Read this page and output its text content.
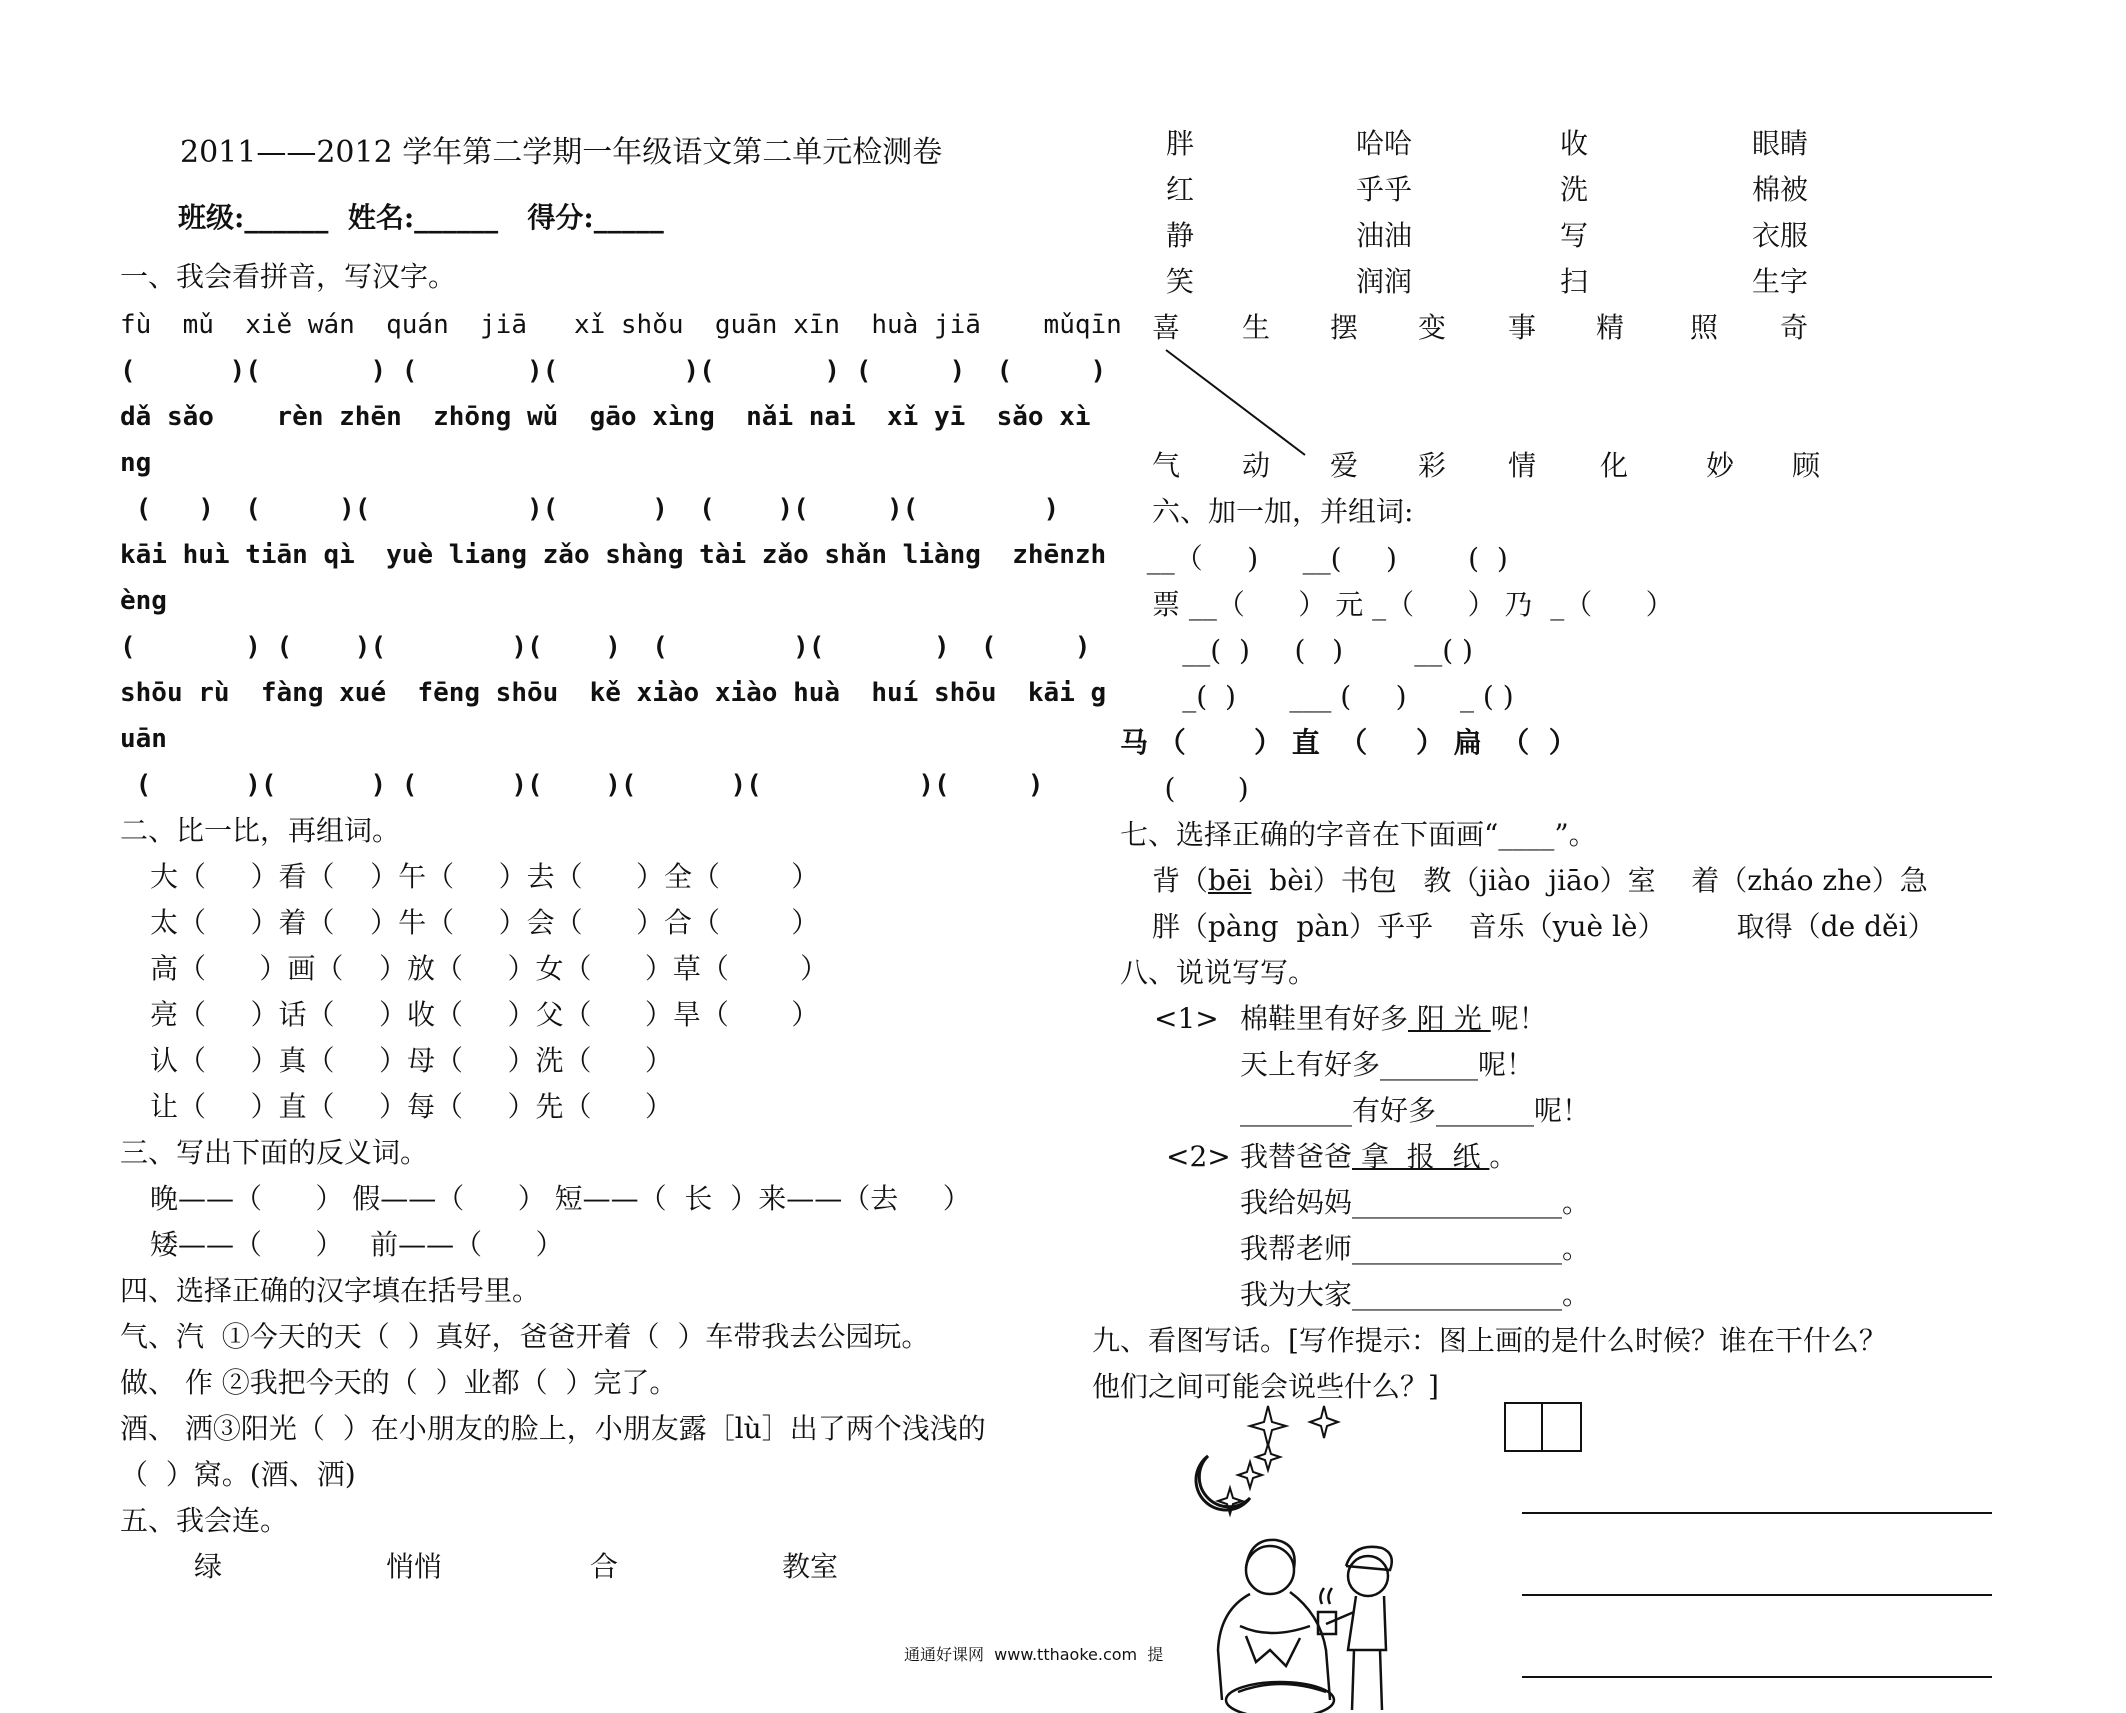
2011——2012 学年第二学期一年级语文第二单元检测卷
班级:______  姓名:______   得分:_____
一、我会看拼音，写汉字。
fù  mǔ  xiě wán  quán  jiā   xǐ shǒu  guān xīn  huà jiā    mǔqīn
(      )(       ) (       )(        )(       ) (     )  (     )
dǎ sǎo    rèn zhēn  zhōng wǔ  gāo xìng  nǎi nai  xǐ yī  sǎo xì
ng
(   )  (     )(          )(      )  (    )(     )(        )
kāi huì tiān qì  yuè liang zǎo shàng tài zǎo shǎn liàng  zhēnzh
èng
(       ) (    )(        )(    )  (        )(       )  (     )
shōu rù  fàng xué  fēng shōu  kě xiào xiào huà  huí shōu  kāi g
uān
(      )(      ) (      )(    )(      )(          )(     )
二、比一比，再组词。
大（     ）看（    ）午（     ）去（      ）全（        ）
太（     ）着（    ）牛（     ）会（      ）合（        ）
高（      ）画（    ）放（     ）女（      ）草（        ）
亮（     ）话（     ）收（     ）父（      ）旱（       ）
认（     ）真（     ）母（     ）洗（      ）
让（     ）直（     ）每（     ）先（      ）
三、写出下面的反义词。
晚——（      ） 假——（      ） 短——（  长  ）来——（去     ）
矮——（      ）   前——（      ）
四、选择正确的汉字填在括号里。
气、汽  ①今天的天（  ）真好，爸爸开着（  ）车带我去公园玩。
做、 作 ②我把今天的（  ）业都（  ）完了。
酒、 洒③阳光（  ）在小朋友的脸上，小朋友露［lù］出了两个浅浅的
（  ）窝。(酒、洒)
五、我会连。
绿	悄悄	合	教室
胖	哈哈	收	眼睛
红	乎乎	洗	棉被
静	油油	写	衣服
笑	润润	扫	生字
喜 生 摆 变 事 精 照 奇
气 动 爱 彩 情 化	妙 顾
六、加一加，并组词:
__（     )     __(     )        (  )
票 __（      ） 元 _（      ） 乃  _（      ）
__(  )     (   )        __( )
_(  )      ___ (     )      _ ( )
马 （       ） 直  （     ） 扁  （  ）
(       )
七、选择正确的字音在下面画“____”。
背（bēi  bèi）书包   教（jiào  jiāo）室    着（zháo zhe）急
胖（pàng  pàn）乎乎    音乐（yuè lè）        取得（de děi）
八、说说写写。
<1> 棉鞋里有好多 阳 光 呢！
天上有好多_______呢！
________有好多_______呢！
<2> 我替爸爸 拿  报  纸 。
我给妈妈_______________。
我帮老师_______________。
我为大家_______________。
九、看图写话。[写作提示：图上画的是什么时候？谁在干什么？
他们之间可能会说些什么？]
通通好课网  www.tthaoke.com  提
